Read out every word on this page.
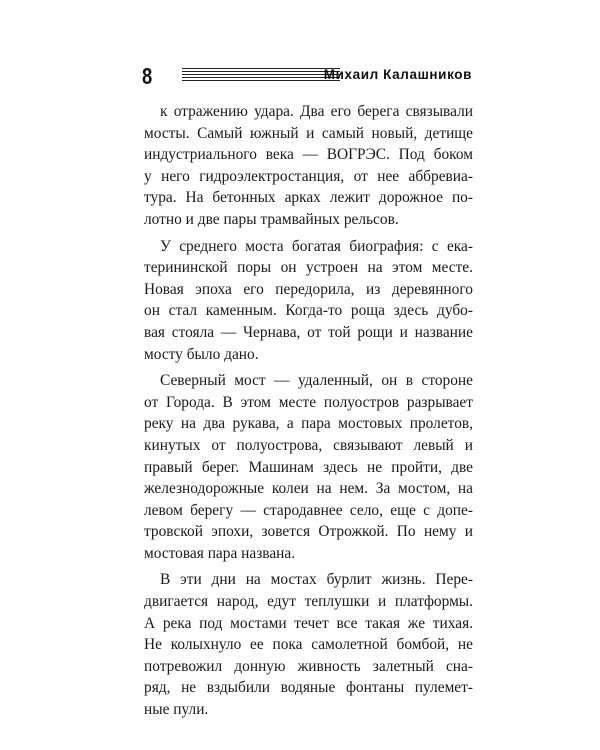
8	Михаил Калашников

к отражению удара. Два его берега связывали
мосты. Самый южный и самый новый, детище
индустриального века — ВОГРЭС. Под боком
у него гидроэлектростанция, от нее аббревиа-
тура. На бетонных арках лежит дорожное по-
лотно и две пары трамвайных рельсов.

У среднего моста богатая биография: с ека-
терининской поры он устроен на этом месте.
Новая эпоха его передорила, из деревянного
он стал каменным. Когда-то роща здесь дубо-
вая стояла — Чернава, от той рощи и название
мосту было дано.

Северный мост — удаленный, он в стороне
от Города. В этом месте полуостров разрывает
реку на два рукава, а пара мостовых пролетов,
кинутых от полуострова, связывают левый и
правый берег. Машинам здесь не пройти, две
железнодорожные колеи на нем. За мостом, на
левом берегу — стародавнее село, еще с допе-
тровской эпохи, зовется Отрожкой. По нему и
мостовая пара названа.

В эти дни на мостах бурлит жизнь. Пере-
двигается народ, едут теплушки и платформы.
А река под мостами течет все такая же тихая.
Не колыхнуло ее пока самолетной бомбой, не
потревожил донную живность залетный сна-
ряд, не вздыбили водяные фонтаны пулемет-
ные пули.
